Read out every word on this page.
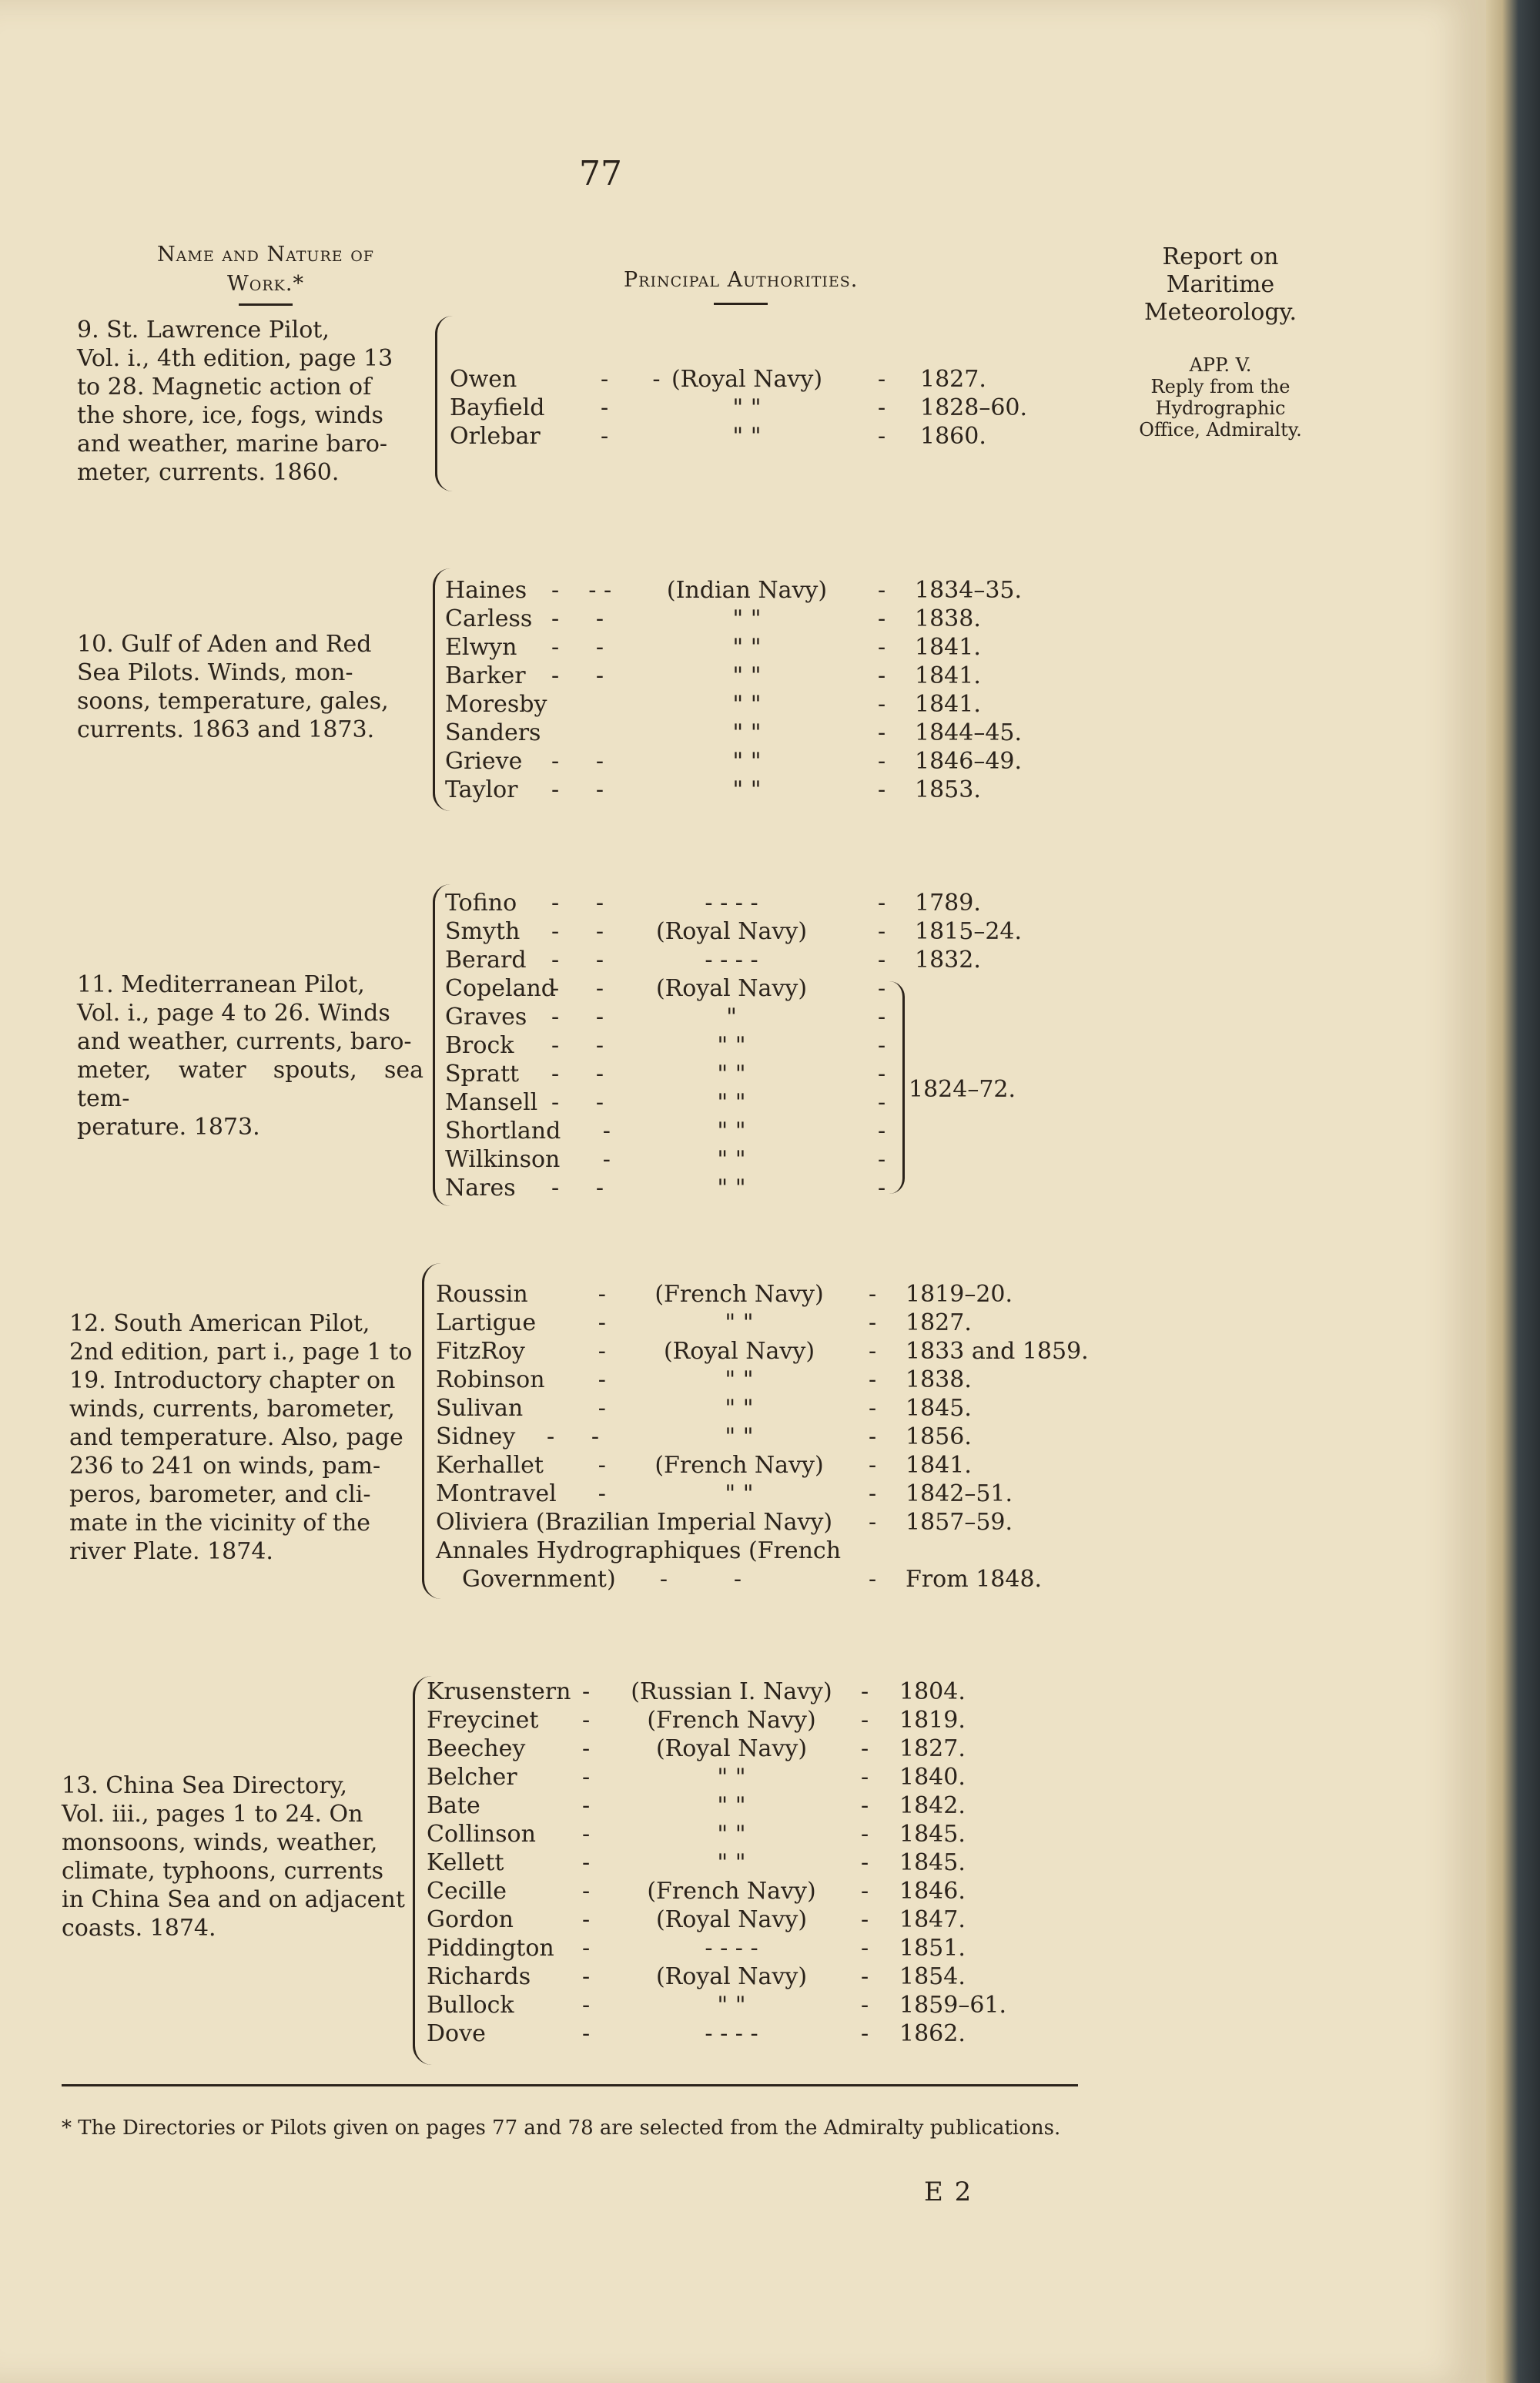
77
Name and Nature of
Work.*	Principal Authorities.
Report on
Maritime
Meteorology.
APP. V.
Reply from the
Hydrographic
Office, Admiralty.
9. St. Lawrence Pilot,
Vol. i., 4th edition, page 13
to 28. Magnetic action of
the shore, ice, fogs, winds
and weather, marine baro-
meter, currents. 1860.
Owen
Bayfield
Orlebar
-      -
-
-
(Royal Navy)
" "
" "
-
-
-
1827.
1828–60.
1860.
10. Gulf of Aden and Red
Sea Pilots. Winds, mon-
soons, temperature, gales,
currents. 1863 and 1873.
Haines
Carless
Elwyn
Barker
Moresby
Sanders
Grieve
Taylor
-    - -
-     -
-     -
-     -
-     -
-     -
(Indian Navy)
" "
" "
" "
" "
" "
" "
" "
-
-
-
-
-
-
-
-
1834–35.
1838.
1841.
1841.
1841.
1844–45.
1846–49.
1853.
11. Mediterranean Pilot,
Vol. i., page 4 to 26. Winds
and weather, currents, baro-
meter, water spouts, sea tem-
perature. 1873.
Tofino
Smyth
Berard
Copeland
Graves
Brock
Spratt
Mansell
Shortland
Wilkinson
Nares
-     -
-     -
-     -
-     -
-     -
-     -
-     -
-     -
-
-
-     -
- - - -
(Royal Navy)
- - - -
(Royal Navy)
"
" "
" "
" "
" "
" "
" "
-
-
-
-
-
-
-
-
-
-
-
1789.
1815–24.
1832.
1824–72.
12. South American Pilot,
2nd edition, part i., page 1 to
19. Introductory chapter on
winds, currents, barometer,
and temperature. Also, page
236 to 241 on winds, pam-
peros, barometer, and cli-
mate in the vicinity of the
river Plate. 1874.
Roussin
Lartigue
FitzRoy
Robinson
Sulivan
Sidney
Kerhallet
Montravel
-
-
-
-
-
-     -
-
-
(French Navy)
" "
(Royal Navy)
" "
" "
" "
(French Navy)
" "
-
-
-
-
-
-
-
-
-
-
1819–20.
1827.
1833 and 1859.
1838.
1845.
1856.
1841.
1842–51.
1857–59.
From 1848.
Oliviera (Brazilian Imperial Navy)
Annales Hydrographiques (French
Government)      -         -
13. China Sea Directory,
Vol. iii., pages 1 to 24. On
monsoons, winds, weather,
climate, typhoons, currents
in China Sea and on adjacent
coasts. 1874.
Krusenstern
Freycinet
Beechey
Belcher
Bate
Collinson
Kellett
Cecille
Gordon
Piddington
Richards
Bullock
Dove
-
-
-
-
-
-
-
-
-
-
-
-
-
(Russian I. Navy)
(French Navy)
(Royal Navy)
" "
" "
" "
" "
(French Navy)
(Royal Navy)
- - - -
(Royal Navy)
" "
- - - -
-
-
-
-
-
-
-
-
-
-
-
-
-
1804.
1819.
1827.
1840.
1842.
1845.
1845.
1846.
1847.
1851.
1854.
1859–61.
1862.
* The Directories or Pilots given on pages 77 and 78 are selected from the Admiralty publications.
E 2
